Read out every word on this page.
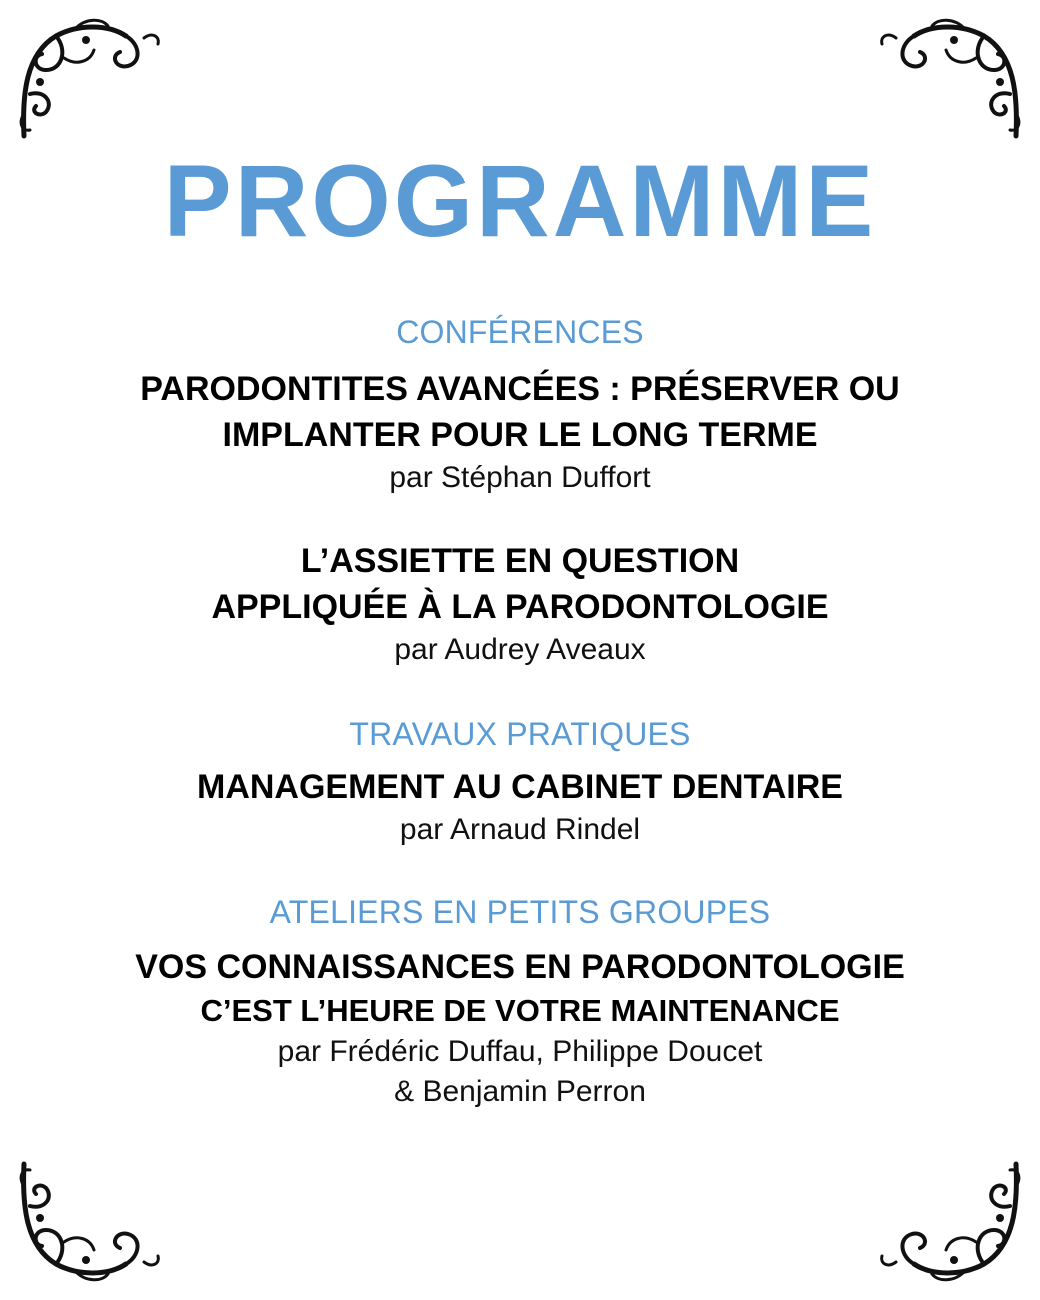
PROGRAMME
CONFÉRENCES
PARODONTITES AVANCÉES : PRÉSERVER OU
IMPLANTER POUR LE LONG TERME
par Stéphan Duffort
L’ASSIETTE EN QUESTION
APPLIQUÉE À LA PARODONTOLOGIE
par Audrey Aveaux
TRAVAUX PRATIQUES
MANAGEMENT AU CABINET DENTAIRE
par Arnaud Rindel
ATELIERS EN PETITS GROUPES
VOS CONNAISSANCES EN PARODONTOLOGIE
C’EST L’HEURE DE VOTRE MAINTENANCE
par Frédéric Duffau, Philippe Doucet
& Benjamin Perron
